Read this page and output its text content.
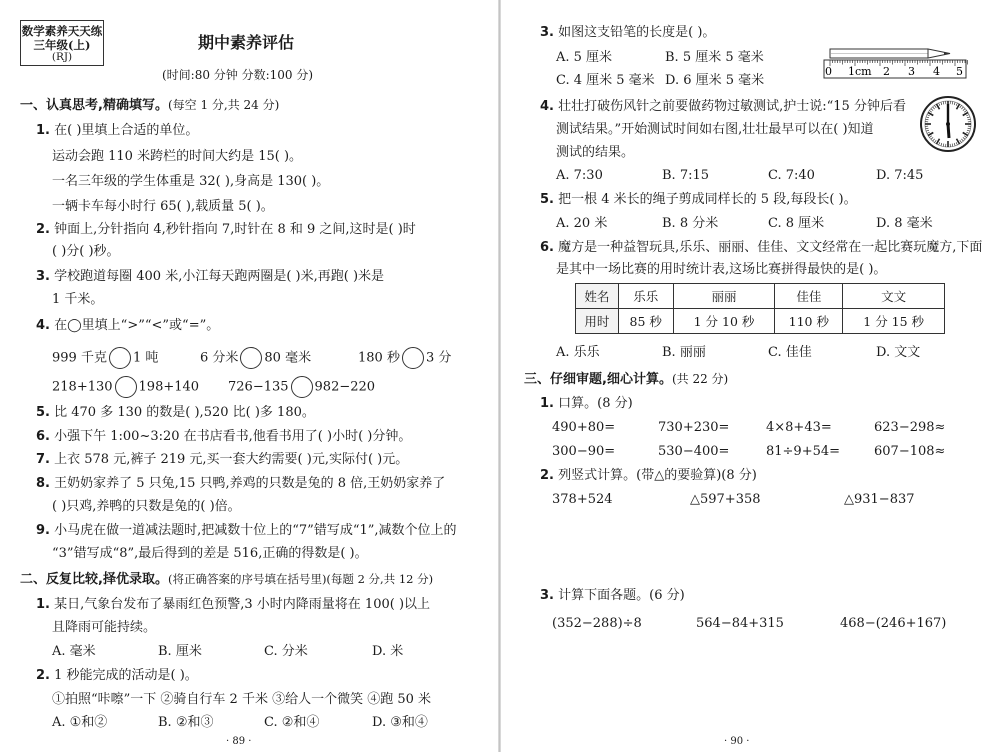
数学素养天天练
三年级(上)
(RJ)
期中素养评估
(时间:80 分钟 分数:100 分)
一、认真思考,精确填写。(每空 1 分,共 24 分)
1. 在( )里填上合适的单位。
运动会跑 110 米跨栏的时间大约是 15( )。
一名三年级的学生体重是 32( ),身高是 130( )。
一辆卡车每小时行 65( ),载质量 5( )。
2. 钟面上,分针指向 4,秒针指向 7,时针在 8 和 9 之间,这时是( )时
( )分( )秒。
3. 学校跑道每圈 400 米,小江每天跑两圈是( )米,再跑( )米是
1 千米。
4. 在◯里填上“>”“<”或“=”。
999 千克 1 吨	6 分米 80 毫米	180 秒 3 分
218+130 198+140 726−135 982−220
5. 比 470 多 130 的数是( ),520 比( )多 180。
6. 小强下午 1:00~3:20 在书店看书,他看书用了( )小时( )分钟。
7. 上衣 578 元,裤子 219 元,买一套大约需要( )元,实际付( )元。
8. 王奶奶家养了 5 只兔,15 只鸭,养鸡的只数是兔的 8 倍,王奶奶家养了
( )只鸡,养鸭的只数是兔的( )倍。
9. 小马虎在做一道减法题时,把减数十位上的“7”错写成“1”,减数个位上的
“3”错写成“8”,最后得到的差是 516,正确的得数是( )。
二、反复比较,择优录取。(将正确答案的序号填在括号里)(每题 2 分,共 12 分)
1. 某日,气象台发布了暴雨红色预警,3 小时内降雨量将在 100( )以上
且降雨可能持续。
A. 毫米	B. 厘米	C. 分米	D. 米
2. 1 秒能完成的活动是( )。
①拍照“咔嚓”一下 ②骑自行车 2 千米 ③给人一个微笑 ④跑 50 米
A. ①和②	B. ②和③	C. ②和④	D. ③和④
· 89 ·
3. 如图这支铅笔的长度是( )。
A. 5 厘米	B. 5 厘米 5 毫米
C. 4 厘米 5 毫米 D. 6 厘米 5 毫米
0 1cm 2 3 4 5
4. 壮壮打破伤风针之前要做药物过敏测试,护士说:“15 分钟后看
测试结果。”开始测试时间如右图,壮壮最早可以在( )知道
测试的结果。
A. 7:30	B. 7:15	C. 7:40	D. 7:45
5. 把一根 4 米长的绳子剪成同样长的 5 段,每段长( )。
A. 20 米	B. 8 分米	C. 8 厘米	D. 8 毫米
6. 魔方是一种益智玩具,乐乐、丽丽、佳佳、文文经常在一起比赛玩魔方,下面
是其中一场比赛的用时统计表,这场比赛拼得最快的是( )。
姓名	乐乐	丽丽	佳佳	文文
用时	85 秒	1 分 10 秒	110 秒	1 分 15 秒
A. 乐乐	B. 丽丽	C. 佳佳	D. 文文
三、仔细审题,细心计算。(共 22 分)
1. 口算。(8 分)
490+80=	730+230=	4×8+43=	623−298≈
300−90=	530−400=	81÷9+54=	607−108≈
2. 列竖式计算。(带△的要验算)(8 分)
378+524	△597+358	△931−837
3. 计算下面各题。(6 分)
(352−288)÷8	564−84+315	468−(246+167)
· 90 ·
